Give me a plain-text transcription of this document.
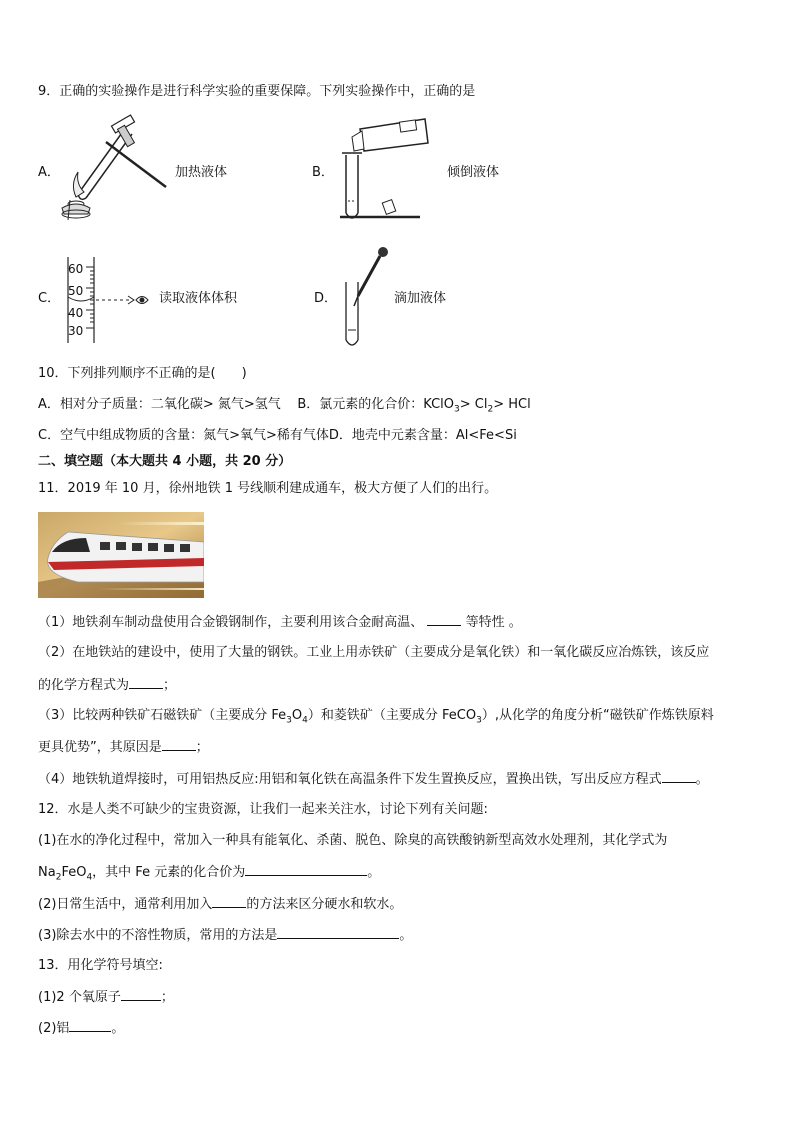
9．正确的实验操作是进行科学实验的重要保障。下列实验操作中，正确的是
A．	加热液体	B．	倾倒液体
C．
60
50
40
30
读取液体体积	D．	滴加液体
10．下列排列顺序不正确的是(　　)
A．相对分子质量：二氧化碳> 氮气>氢气 B．氯元素的化合价：KClO$_3$> $Cl_2>$ HCl
C．空气中组成物质的含量：氮气>氧气>稀有气体D．地壳中元素含量：Al<Fe<Si
二、填空题（本大题共 4 小题，共 20 分）
11．2019 年 10 月，徐州地铁 1 号线顺利建成通车，极大方便了人们的出行。
（1）地铁刹车制动盘使用合金锻钢制作，主要利用该合金耐高温、	等特性 。
（2）在地铁站的建设中，使用了大量的钢铁。工业上用赤铁矿（主要成分是氧化铁）和一氧化碳反应冶炼铁，该反应
的化学方程式为	；
（3）比较两种铁矿石磁铁矿（主要成分 $Fe_3O_4$）和菱铁矿（主要成分 FeCO$_3$）,从化学的角度分析“磁铁矿作炼铁原料
更具优势”，其原因是	；
（4）地铁轨道焊接时，可用铝热反应:用铝和氧化铁在高温条件下发生置换反应，置换出铁，写出反应方程式	。
12．水是人类不可缺少的宝贵资源，让我们一起来关注水，讨论下列有关问题:
(1)在水的净化过程中，常加入一种具有能氧化、杀菌、脱色、除臭的高铁酸钠新型高效水处理剂，其化学式为
$Na_2FeO_4$，其中 Fe 元素的化合价为	。
(2)日常生活中，通常利用加入	的方法来区分硬水和软水。
(3)除去水中的不溶性物质，常用的方法是	。
13．用化学符号填空:
(1)2 个氧原子	；
(2)铝	。
